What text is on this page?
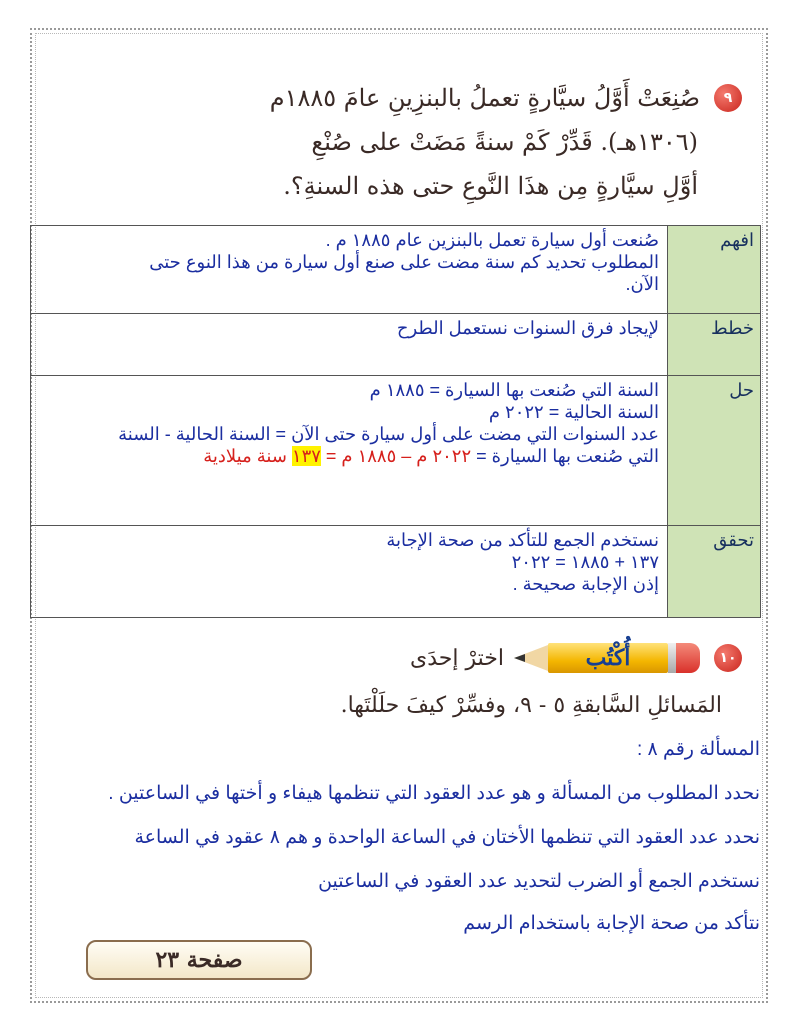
٩
صُنِعَتْ أَوَّلُ سيَّارةٍ تعملُ بالبنزِينِ عامَ ١٨٨٥م
(١٣٠٦هـ). قَدِّرْ كَمْ سنةً مَضَتْ على صُنْعِ
أوَّلِ سيَّارةٍ مِن هذَا النَّوعِ حتى هذه السنةِ؟.
افهم	صُنعت أول سيارة تعمل بالبنزين عام ١٨٨٥ م .
المطلوب تحديد كم سنة مضت على صنع أول سيارة من هذا النوع حتى
الآن.

خطط	لإيجاد فرق السنوات نستعمل الطرح

حل	السنة التي صُنعت بها السيارة = ١٨٨٥ م
السنة الحالية = ٢٠٢٢ م
عدد السنوات التي مضت على أول سيارة حتى الآن = السنة الحالية - السنة
التي صُنعت بها السيارة = ٢٠٢٢ م – ١٨٨٥ م = ١٣٧ سنة ميلادية

تحقق	نستخدم الجمع للتأكد من صحة الإجابة
١٣٧ + ١٨٨٥ = ٢٠٢٢
إذن الإجابة صحيحة .
١٠
أُكْتُب
اخترْ إحدَى
المَسائلِ السَّابقةِ ٥ - ٩، وفسِّرْ كيفَ حلَلْتَها.
المسألة رقم ٨ :
نحدد المطلوب من المسألة و هو عدد العقود التي تنظمها هيفاء و أختها في الساعتين .
نحدد عدد العقود التي تنظمها الأختان في الساعة الواحدة و هم ٨ عقود في الساعة
نستخدم الجمع أو الضرب لتحديد عدد العقود في الساعتين
نتأكد من صحة الإجابة باستخدام الرسم
صفحة ٢٣
